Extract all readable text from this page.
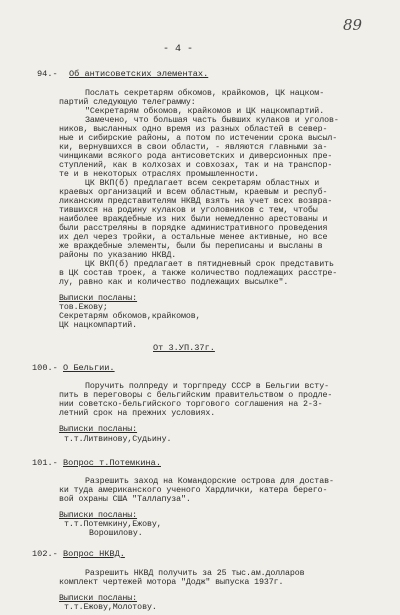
89
- 4 -
94.- Об антисоветских элементах.
Послать секретарям обкомов, крайкомов, ЦК нацком-
партий следующую телеграмму:
"Секретарям обкомов, крайкомов и ЦК нацкомпартий.
Замечено, что большая часть бывших кулаков и уголов-
ников, высланных одно время из разных областей в север-
ные и сибирские районы, а потом по истечении срока высыл-
ки, вернувшихся в свои области, - являются главными за-
чинщиками всякого рода антисоветских и диверсионных пре-
ступлений, как в колхозах и совхозах, так и на транспор-
те и в некоторых отраслях промышленности.
ЦК ВКП(б) предлагает всем секретарям областных и
краевых организаций и всем областным, краевым и респуб-
ликанским представителям НКВД взять на учет всех возвра-
тившихся на родину кулаков и уголовников с тем, чтобы
наиболее враждебные из них были немедленно арестованы и
были расстреляны в порядке административного проведения
их дел через тройки, а остальные менее активные, но все
же враждебные элементы, были бы переписаны и высланы в
районы по указанию НКВД.
ЦК ВКП(б) предлагает в пятидневный срок представить
в ЦК состав троек, а также количество подлежащих расстре-
лу, равно как и количество подлежащих высылке".
Выписки посланы:
тов.Ежову;
Секретарям обкомов,крайкомов,
ЦК нацкомпартий.
От 3.УП.37г.
100.- О Бельгии.
Поручить полпреду и торгпреду СССР в Бельгии всту-
пить в переговоры с бельгийским правительством о продле-
нии советско-бельгийского торгового соглашения на 2-3-
летний срок на прежних условиях.
Выписки посланы:
т.т.Литвинову,Судьину.
101.- Вопрос т.Потемкина.
Разрешить заход на Командорские острова для достав-
ки туда американского ученого Хардлички, катера берего-
вой охраны США "Таллапуза".
Выписки посланы:
т.т.Потемкину,Ежову,
Ворошилову.
102.- Вопрос НКВД.
Разрешить НКВД получить за 25 тыс.ам.долларов
комплект чертежей мотора "Додж" выпуска 1937г.
Выписки посланы:
т.т.Ежову,Молотову.
